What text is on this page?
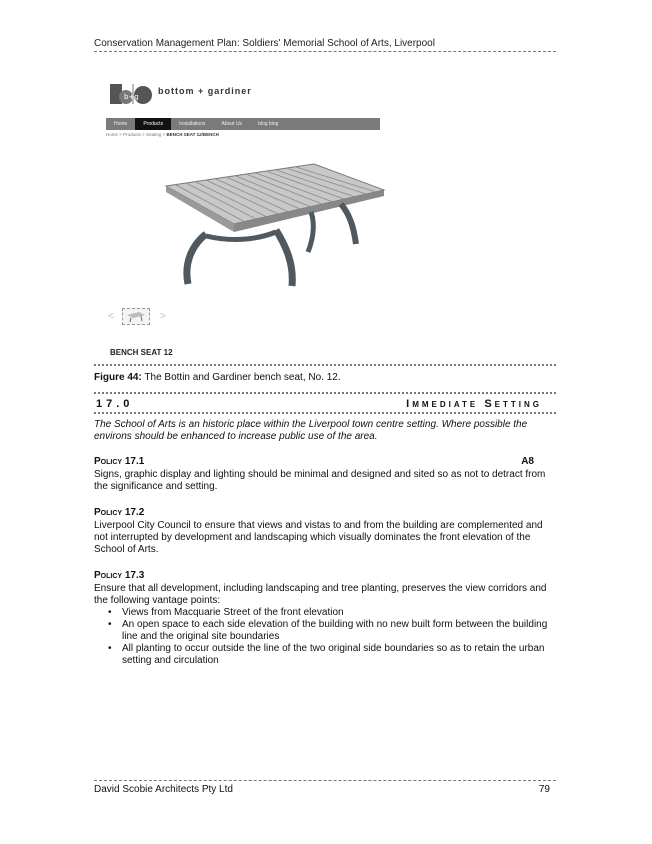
Conservation Management Plan: Soldiers' Memorial School of Arts, Liverpool
b+g
bottom + gardiner
Home	Products	Installations	About Us	blog blog
Home > Products > Seating > BENCH SEAT 12/BENCH
<	>
BENCH SEAT 12
Figure 44: The Bottin and Gardiner bench seat, No. 12.
17.0	Immediate Setting
The School of Arts is an historic place within the Liverpool town centre setting. Where possible the environs should be enhanced to increase public use of the area.
Policy 17.1	A8
Signs, graphic display and lighting should be minimal and designed and sited so as not to detract from the significance and setting.
Policy 17.2
Liverpool City Council to ensure that views and vistas to and from the building are complemented and not interrupted by development and landscaping which visually dominates the front elevation of the School of Arts.
Policy 17.3
Ensure that all development, including landscaping and tree planting, preserves the view corridors and the following vantage points:
• Views from Macquarie Street of the front elevation
• An open space to each side elevation of the building with no new built form between the building line and the original site boundaries
• All planting to occur outside the line of the two original side boundaries so as to retain the urban setting and circulation
David Scobie Architects Pty Ltd	79
